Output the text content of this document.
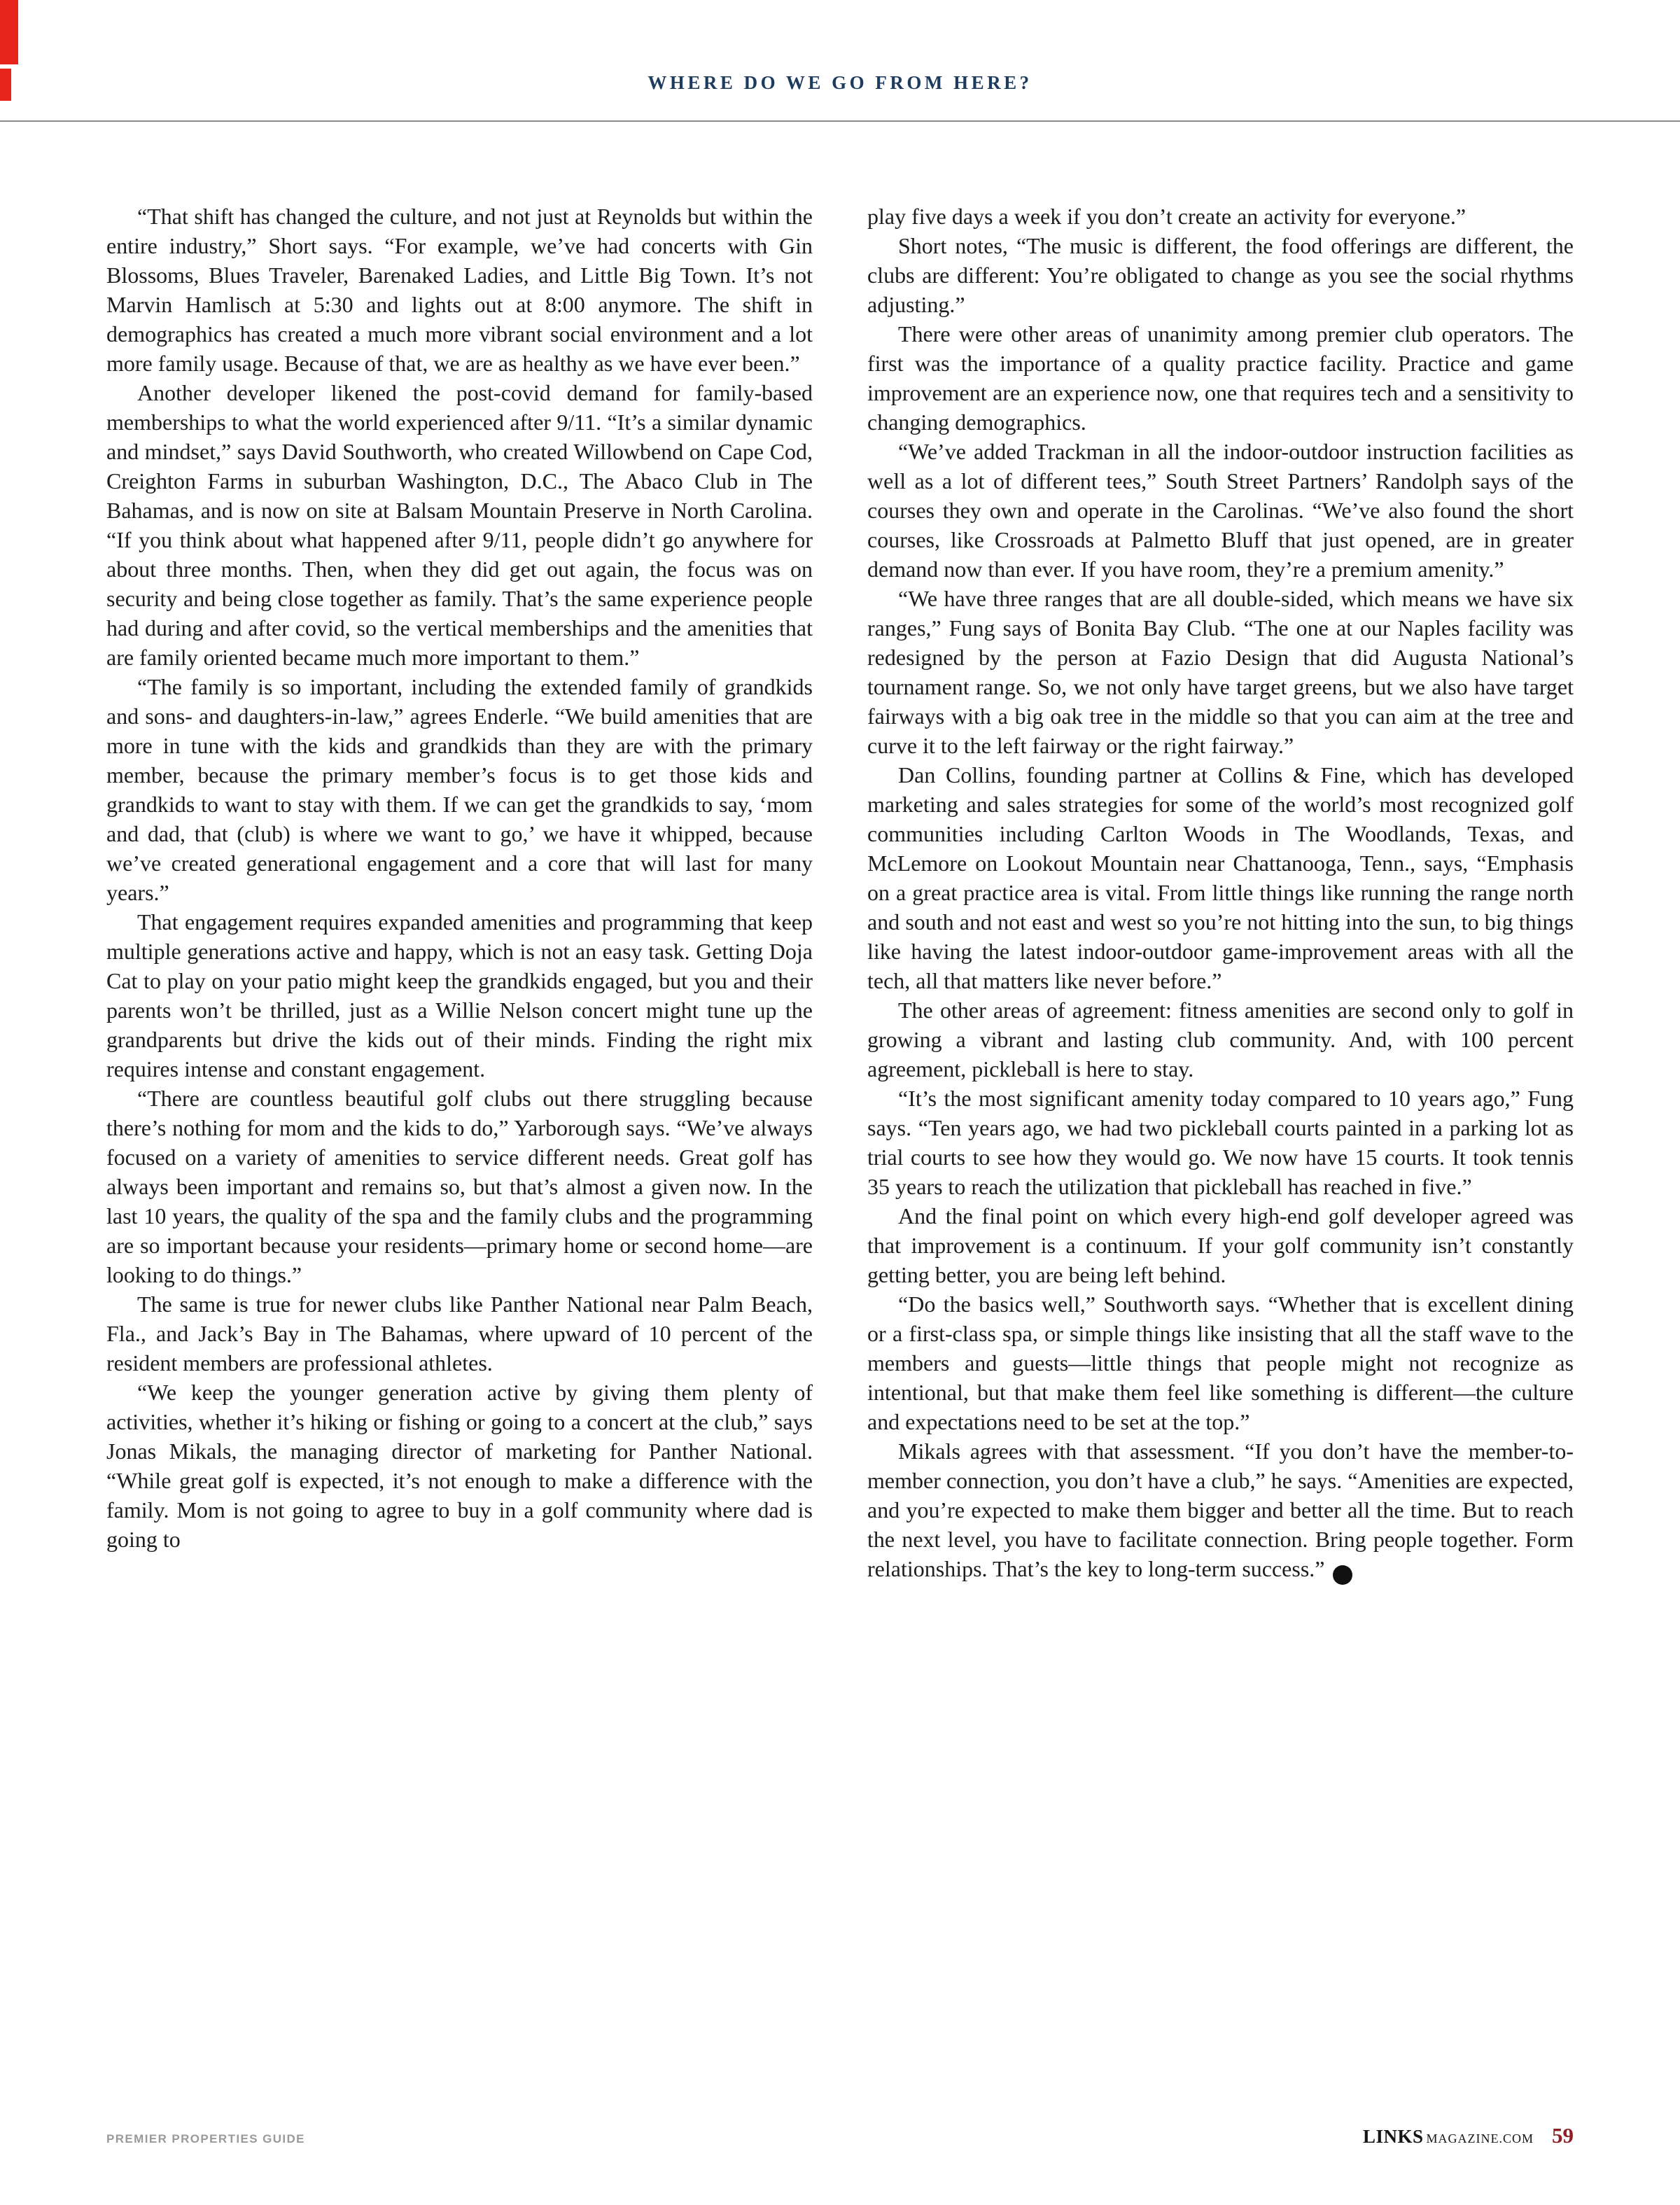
WHERE DO WE GO FROM HERE?

“That shift has changed the culture, and not just at Reynolds but within the entire industry,” Short says. “For example, we’ve had concerts with Gin Blossoms, Blues Traveler, Barenaked Ladies, and Little Big Town. It’s not Marvin Hamlisch at 5:30 and lights out at 8:00 anymore. The shift in demographics has created a much more vibrant social environment and a lot more family usage. Because of that, we are as healthy as we have ever been.”

Another developer likened the post-covid demand for family-based memberships to what the world experienced after 9/11. “It’s a similar dynamic and mindset,” says David Southworth, who created Willowbend on Cape Cod, Creighton Farms in suburban Washington, D.C., The Abaco Club in The Bahamas, and is now on site at Balsam Mountain Preserve in North Carolina. “If you think about what happened after 9/11, people didn’t go anywhere for about three months. Then, when they did get out again, the focus was on security and being close together as family. That’s the same experience people had during and after covid, so the vertical memberships and the amenities that are family oriented became much more important to them.”

“The family is so important, including the extended family of grandkids and sons- and daughters-in-law,” agrees Enderle. “We build amenities that are more in tune with the kids and grandkids than they are with the primary member, because the primary member’s focus is to get those kids and grandkids to want to stay with them. If we can get the grandkids to say, ‘mom and dad, that (club) is where we want to go,’ we have it whipped, because we’ve created generational engagement and a core that will last for many years.”

That engagement requires expanded amenities and programming that keep multiple generations active and happy, which is not an easy task. Getting Doja Cat to play on your patio might keep the grandkids engaged, but you and their parents won’t be thrilled, just as a Willie Nelson concert might tune up the grandparents but drive the kids out of their minds. Finding the right mix requires intense and constant engagement.

“There are countless beautiful golf clubs out there struggling because there’s nothing for mom and the kids to do,” Yarborough says. “We’ve always focused on a variety of amenities to service different needs. Great golf has always been important and remains so, but that’s almost a given now. In the last 10 years, the quality of the spa and the family clubs and the programming are so important because your residents—primary home or second home—are looking to do things.”

The same is true for newer clubs like Panther National near Palm Beach, Fla., and Jack’s Bay in The Bahamas, where upward of 10 percent of the resident members are professional athletes.

“We keep the younger generation active by giving them plenty of activities, whether it’s hiking or fishing or going to a concert at the club,” says Jonas Mikals, the managing director of marketing for Panther National. “While great golf is expected, it’s not enough to make a difference with the family. Mom is not going to agree to buy in a golf community where dad is going to

play five days a week if you don’t create an activity for everyone.”

Short notes, “The music is different, the food offerings are different, the clubs are different: You’re obligated to change as you see the social rhythms adjusting.”

There were other areas of unanimity among premier club operators. The first was the importance of a quality practice facility. Practice and game improvement are an experience now, one that requires tech and a sensitivity to changing demographics.

“We’ve added Trackman in all the indoor-outdoor instruction facilities as well as a lot of different tees,” South Street Partners’ Randolph says of the courses they own and operate in the Carolinas. “We’ve also found the short courses, like Crossroads at Palmetto Bluff that just opened, are in greater demand now than ever. If you have room, they’re a premium amenity.”

“We have three ranges that are all double-sided, which means we have six ranges,” Fung says of Bonita Bay Club. “The one at our Naples facility was redesigned by the person at Fazio Design that did Augusta National’s tournament range. So, we not only have target greens, but we also have target fairways with a big oak tree in the middle so that you can aim at the tree and curve it to the left fairway or the right fairway.”

Dan Collins, founding partner at Collins & Fine, which has developed marketing and sales strategies for some of the world’s most recognized golf communities including Carlton Woods in The Woodlands, Texas, and McLemore on Lookout Mountain near Chattanooga, Tenn., says, “Emphasis on a great practice area is vital. From little things like running the range north and south and not east and west so you’re not hitting into the sun, to big things like having the latest indoor-outdoor game-improvement areas with all the tech, all that matters like never before.”

The other areas of agreement: fitness amenities are second only to golf in growing a vibrant and lasting club community. And, with 100 percent agreement, pickleball is here to stay.

“It’s the most significant amenity today compared to 10 years ago,” Fung says. “Ten years ago, we had two pickleball courts painted in a parking lot as trial courts to see how they would go. We now have 15 courts. It took tennis 35 years to reach the utilization that pickleball has reached in five.”

And the final point on which every high-end golf developer agreed was that improvement is a continuum. If your golf community isn’t constantly getting better, you are being left behind.

“Do the basics well,” Southworth says. “Whether that is excellent dining or a first-class spa, or simple things like insisting that all the staff wave to the members and guests—little things that people might not recognize as intentional, but that make them feel like something is different—the culture and expectations need to be set at the top.”

Mikals agrees with that assessment. “If you don’t have the member-to-member connection, you don’t have a club,” he says. “Amenities are expected, and you’re expected to make them bigger and better all the time. But to reach the next level, you have to facilitate connection. Bring people together. Form relationships. That’s the key to long-term success.” L

PREMIER PROPERTIES GUIDE	LINKS MAGAZINE.COM 59
